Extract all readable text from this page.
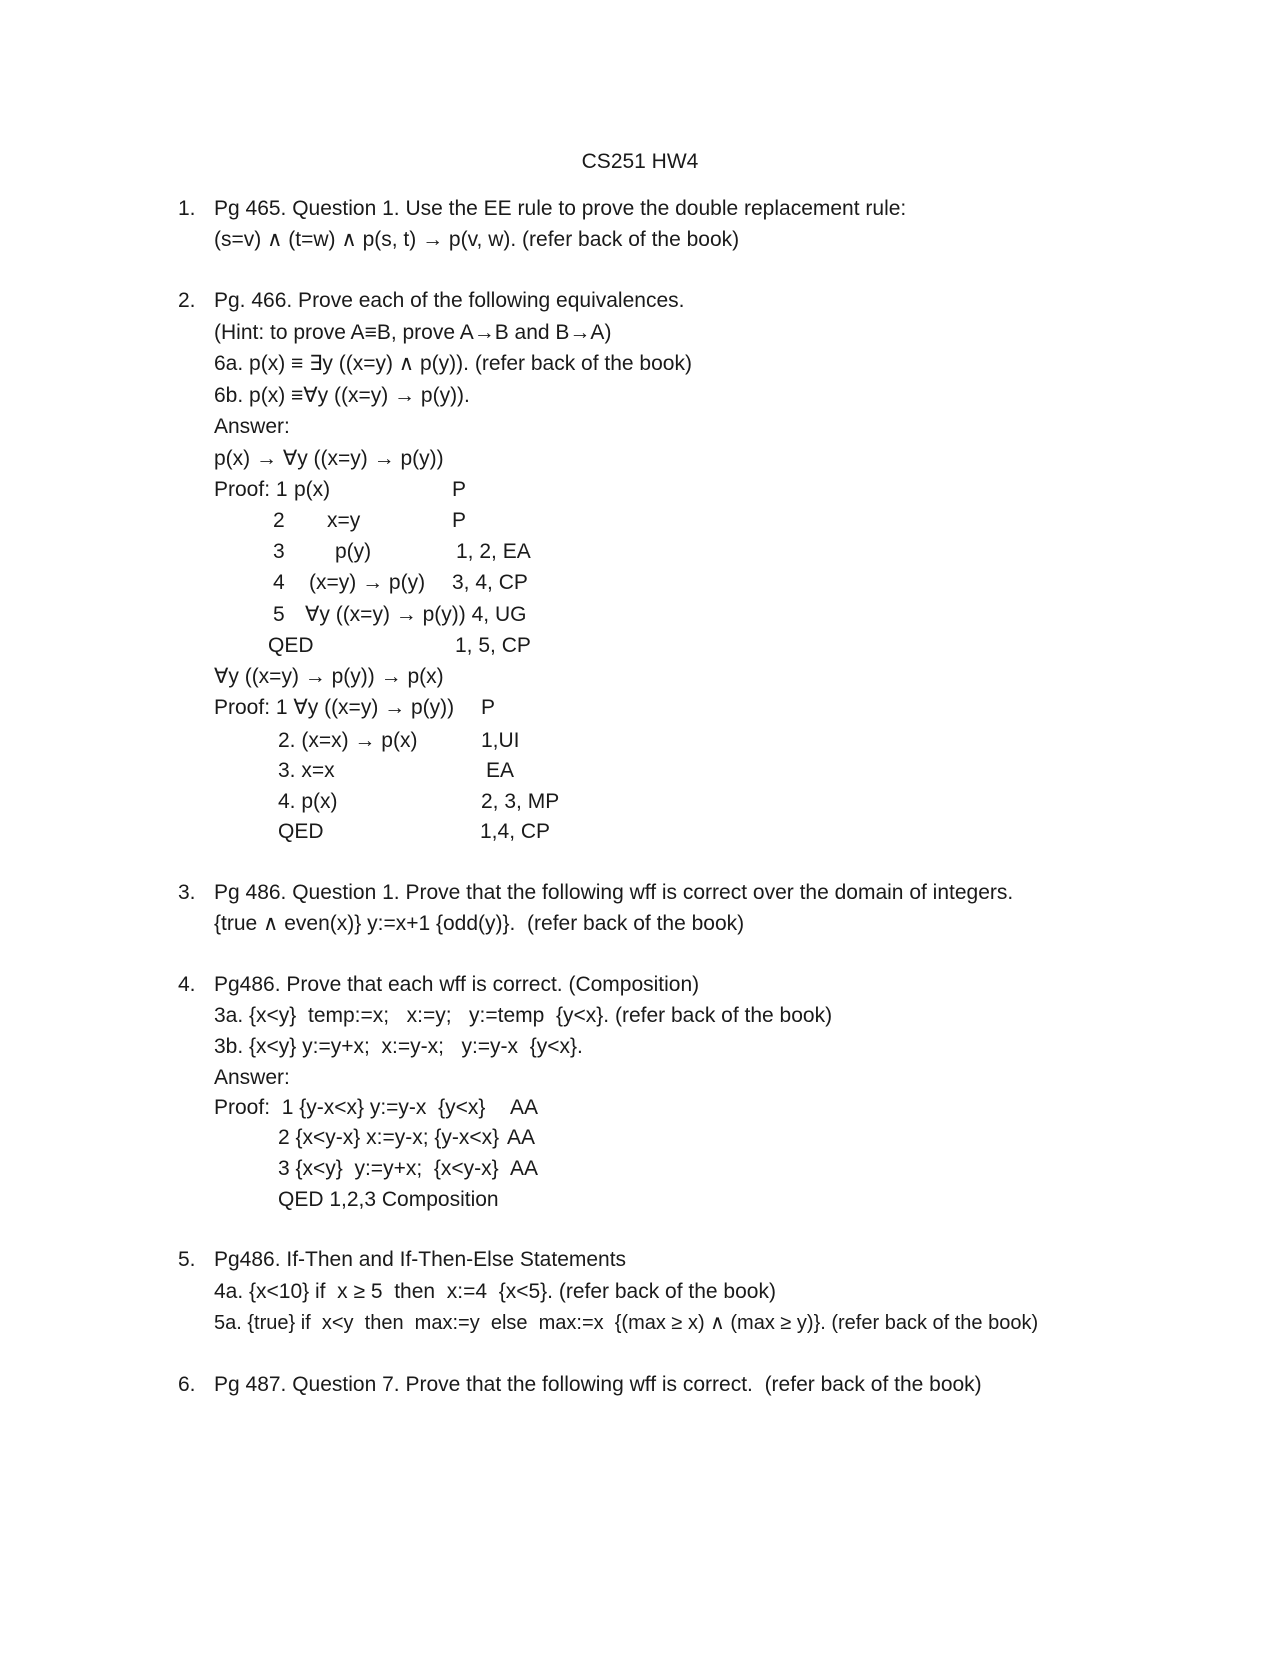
CS251 HW4
1. Pg 465. Question 1. Use the EE rule to prove the double replacement rule:
(s=v) ∧ (t=w) ∧ p(s, t) → p(v, w). (refer back of the book)
2. Pg. 466. Prove each of the following equivalences.
(Hint: to prove A≡B, prove A→B and B→A)
6a. p(x) ≡ ∃y ((x=y) ∧ p(y)). (refer back of the book)
6b. p(x) ≡∀y ((x=y) → p(y)).
Answer:
p(x) → ∀y ((x=y) → p(y))
Proof: 1 p(x)	P
2 x=y	P
3 p(y)	1, 2, EA
4 (x=y) → p(y) 3, 4, CP
5 ∀y ((x=y) → p(y)) 4, UG
QED	1, 5, CP
∀y ((x=y) → p(y)) → p(x)
Proof: 1 ∀y ((x=y) → p(y)) P
2. (x=x) → p(x)	1,UI
3. x=x	EA
4. p(x)	2, 3, MP
QED	1,4, CP
3. Pg 486. Question 1. Prove that the following wff is correct over the domain of integers.
{true ∧ even(x)} y:=x+1 {odd(y)}.  (refer back of the book)
4. Pg486. Prove that each wff is correct. (Composition)
3a. {x<y}  temp:=x;   x:=y;   y:=temp  {y<x}. (refer back of the book)
3b. {x<y} y:=y+x;  x:=y-x;   y:=y-x  {y<x}.
Answer:
Proof:  1 {y-x<x} y:=y-x  {y<x} AA
2 {x<y-x} x:=y-x; {y-x<x} AA
3 {x<y}  y:=y+x;  {x<y-x} AA
QED 1,2,3 Composition
5. Pg486. If-Then and If-Then-Else Statements
4a. {x<10} if  x ≥ 5  then  x:=4  {x<5}. (refer back of the book)
5a. {true} if  x<y  then  max:=y  else  max:=x  {(max ≥ x) ∧ (max ≥ y)}. (refer back of the book)
6. Pg 487. Question 7. Prove that the following wff is correct.  (refer back of the book)
